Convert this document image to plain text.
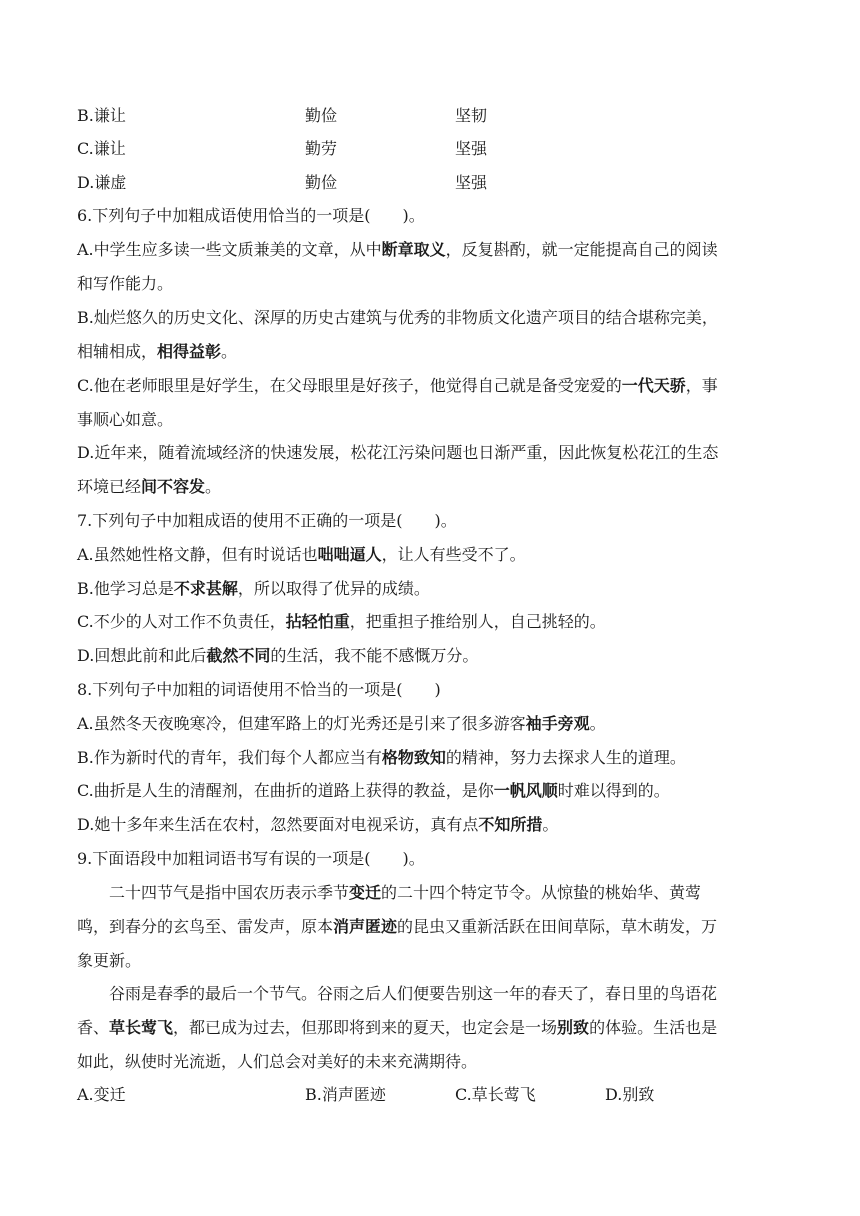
B.谦让	勤俭	坚韧
C.谦让	勤劳	坚强
D.谦虚	勤俭	坚强
6.下列句子中加粗成语使用恰当的一项是(　　)。
A.中学生应多读一些文质兼美的文章，从中断章取义，反复斟酌，就一定能提高自己的阅读
和写作能力。
B.灿烂悠久的历史文化、深厚的历史古建筑与优秀的非物质文化遗产项目的结合堪称完美，
相辅相成，相得益彰。
C.他在老师眼里是好学生，在父母眼里是好孩子，他觉得自己就是备受宠爱的一代天骄，事
事顺心如意。
D.近年来，随着流域经济的快速发展，松花江污染问题也日渐严重，因此恢复松花江的生态
环境已经间不容发。
7.下列句子中加粗成语的使用不正确的一项是(　　)。
A.虽然她性格文静，但有时说话也咄咄逼人，让人有些受不了。
B.他学习总是不求甚解，所以取得了优异的成绩。
C.不少的人对工作不负责任，拈轻怕重，把重担子推给别人，自己挑轻的。
D.回想此前和此后截然不同的生活，我不能不感慨万分。
8.下列句子中加粗的词语使用不恰当的一项是(　　)
A.虽然冬天夜晚寒冷，但建军路上的灯光秀还是引来了很多游客袖手旁观。
B.作为新时代的青年，我们每个人都应当有格物致知的精神，努力去探求人生的道理。
C.曲折是人生的清醒剂，在曲折的道路上获得的教益，是你一帆风顺时难以得到的。
D.她十多年来生活在农村，忽然要面对电视采访，真有点不知所措。
9.下面语段中加粗词语书写有误的一项是(　　)。
二十四节气是指中国农历表示季节变迁的二十四个特定节令。从惊蛰的桃始华、黄莺
鸣，到春分的玄鸟至、雷发声，原本消声匿迹的昆虫又重新活跃在田间草际，草木萌发，万
象更新。
谷雨是春季的最后一个节气。谷雨之后人们便要告别这一年的春天了，春日里的鸟语花
香、草长莺飞，都已成为过去，但那即将到来的夏天，也定会是一场别致的体验。生活也是
如此，纵使时光流逝，人们总会对美好的未来充满期待。
A.变迁	B.消声匿迹	C.草长莺飞	D.别致
